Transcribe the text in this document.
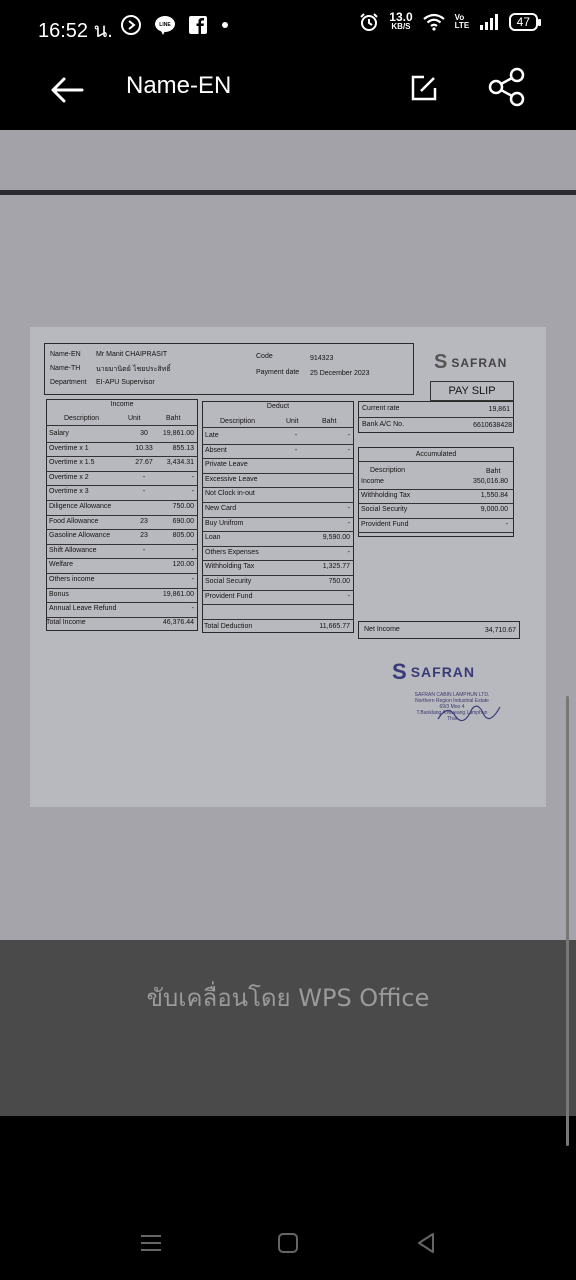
16:52 น.	LINE
13.0
KB/S
Vo LTE	47
Name-EN
Name-EN Mr Manit CHAIPRASIT
Name-TH นายมานิตย์ ไชยประสิทธิ์
Department EI-APU Supervisor
Code	914323
Payment date 25 December 2023
S SAFRAN
PAY SLIP
Income
Description	Unit	Baht
Total Income	46,376.44
Deduct
Description	Unit	Baht
Total Deduction	11,665.77
Current rate	19,861
Bank A/C No.	6610638428
Accumulated
Description	Baht
Net Income	34,710.67
S SAFRAN
SAFRAN CABIN LAMPHUN LTD.
Northern Region Industrial Estate
69/3 Moo 4
T.Banklang A.Mueang Lamphun
Thai
Salary	30	19,861.00
Overtime x 1	10.33	855.13
Overtime x 1.5	27.67	3,434.31
Overtime x 2	-	-
Overtime x 3	-	-
Diligence Allowance	750.00
Food Allowance	23	690.00
Gasoline Allowance	23	805.00
Shift Allowance	-	-
Welfare	120.00
Others income	-
Bonus	19,861.00
Annual Leave Refund	-
Late	-	-
Absent	-	-
Private Leave
Excessive Leave
Not Clock in-out
New Card	-
Buy Unifrom	-
Loan	9,590.00
Others Expenses	-
Withholding Tax	1,325.77
Social Security	750.00
Provident Fund	-
Income	350,016.80
Withholding Tax	1,550.84
Social Security	9,000.00
Provident Fund	-
ขับเคลื่อนโดย WPS Office
